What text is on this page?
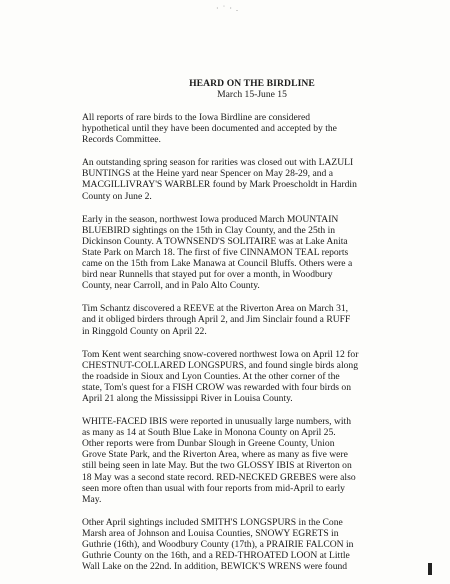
· ˙ · .
HEARD ON THE BIRDLINE
March 15-June 15

All reports of rare birds to the Iowa Birdline are considered
hypothetical until they have been documented and accepted by the
Records Committee.

An outstanding spring season for rarities was closed out with LAZULI
BUNTINGS at the Heine yard near Spencer on May 28-29, and a
MACGILLIVRAY'S WARBLER found by Mark Proescholdt in Hardin
County on June 2.

Early in the season, northwest Iowa produced March MOUNTAIN
BLUEBIRD sightings on the 15th in Clay County, and the 25th in
Dickinson County. A TOWNSEND'S SOLITAIRE was at Lake Anita
State Park on March 18. The first of five CINNAMON TEAL reports
came on the 15th from Lake Manawa at Council Bluffs. Others were a
bird near Runnells that stayed put for over a month, in Woodbury
County, near Carroll, and in Palo Alto County.

Tim Schantz discovered a REEVE at the Riverton Area on March 31,
and it obliged birders through April 2, and Jim Sinclair found a RUFF
in Ringgold County on April 22.

Tom Kent went searching snow-covered northwest Iowa on April 12 for
CHESTNUT-COLLARED LONGSPURS, and found single birds along
the roadside in Sioux and Lyon Counties. At the other corner of the
state, Tom's quest for a FISH CROW was rewarded with four birds on
April 21 along the Mississippi River in Louisa County.

WHITE-FACED IBIS were reported in unusually large numbers, with
as many as 14 at South Blue Lake in Monona County on April 25.
Other reports were from Dunbar Slough in Greene County, Union
Grove State Park, and the Riverton Area, where as many as five were
still being seen in late May. But the two GLOSSY IBIS at Riverton on
18 May was a second state record. RED-NECKED GREBES were also
seen more often than usual with four reports from mid-April to early
May.

Other April sightings included SMITH'S LONGSPURS in the Cone
Marsh area of Johnson and Louisa Counties, SNOWY EGRETS in
Guthrie (16th), and Woodbury County (17th), a PRAIRIE FALCON in
Guthrie County on the 16th, and a RED-THROATED LOON at Little
Wall Lake on the 22nd. In addition, BEWICK'S WRENS were found
